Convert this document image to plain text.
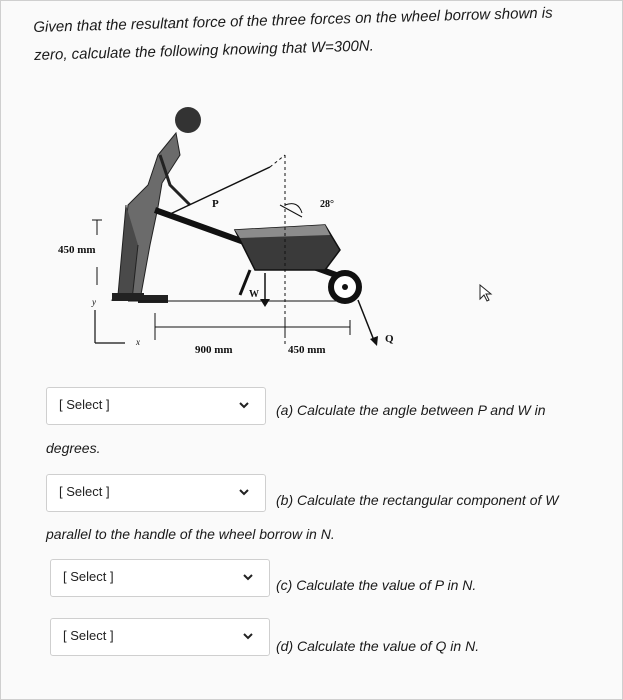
Given that the resultant force of the three forces on the wheel borrow shown is

zero, calculate the following knowing that W=300N.

P	28°
450 mm
W
Q
900 mm	450 mm
x
y
[ Select ]	(a) Calculate the angle between P and W in
degrees.
[ Select ]
(b) Calculate the rectangular component of W
parallel to the handle of the wheel borrow in N.
[ Select ]
(c) Calculate the value of P in N.
[ Select ]
(d) Calculate the value of Q in N.
